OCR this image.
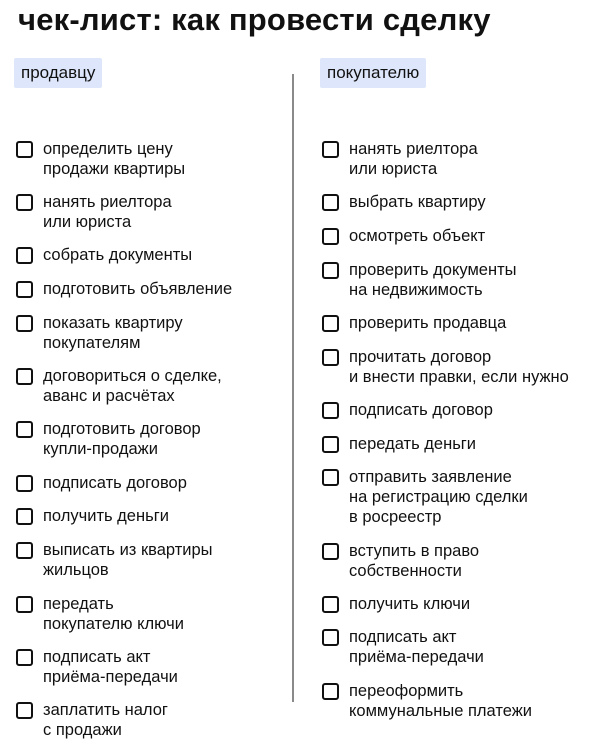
чек-лист: как провести сделку
продавцу
определить цену
продажи квартиры
нанять риелтора
или юриста
собрать документы
подготовить объявление
показать квартиру
покупателям
договориться о сделке,
аванс и расчётах
подготовить договор
купли-продажи
подписать договор
получить деньги
выписать из квартиры
жильцов
передать
покупателю ключи
подписать акт
приёма-передачи
заплатить налог
с продажи
покупателю
нанять риелтора
или юриста
выбрать квартиру
осмотреть объект
проверить документы
на недвижимость
проверить продавца
прочитать договор
и внести правки, если нужно
подписать договор
передать деньги
отправить заявление
на регистрацию сделки
в росреестр
вступить в право
собственности
получить ключи
подписать акт
приёма-передачи
переоформить
коммунальные платежи
